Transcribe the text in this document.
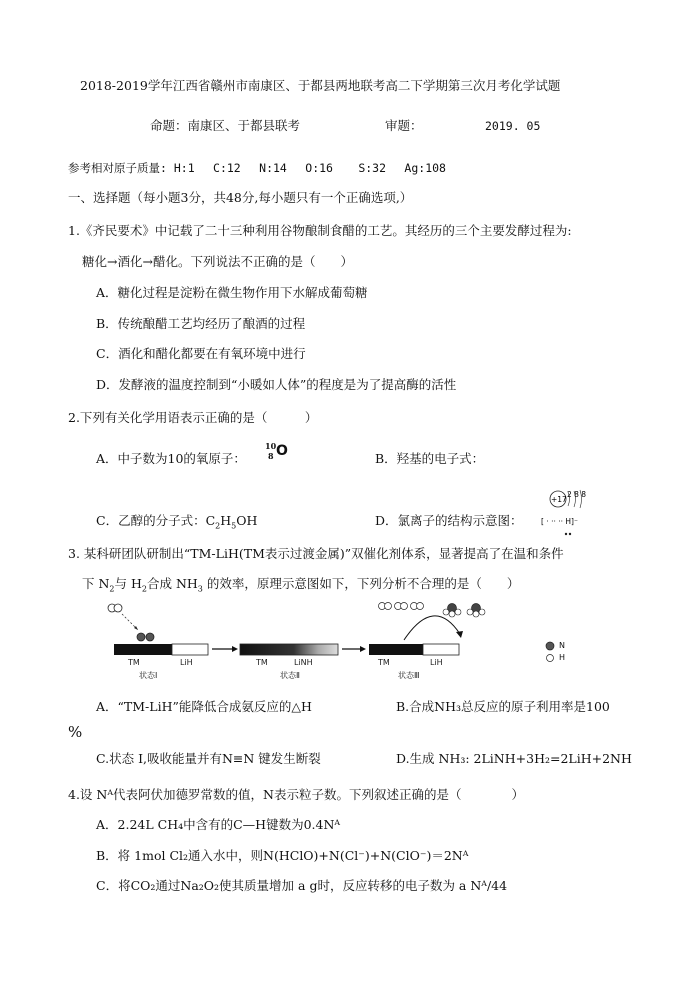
2018-2019学年江西省赣州市南康区、于都县两地联考高二下学期第三次月考化学试题
命题：南康区、于都县联考	审题：	2019. 05
参考相对原子质量: H:1　 C:12　 N:14 　O:16 　 S:32 　Ag:108
一、选择题（每小题3分，共48分,每小题只有一个正确选项,）
1.《齐民要术》中记载了二十三种利用谷物酿制食醋的工艺。其经历的三个主要发酵过程为:
糖化→酒化→醋化。下列说法不正确的是（　　）
A．糖化过程是淀粉在微生物作用下水解成葡萄糖
B．传统酿醋工艺均经历了酿酒的过程
C．酒化和醋化都要在有氧环境中进行
D．发酵液的温度控制到“小暖如人体”的程度是为了提高酶的活性
2.下列有关化学用语表示正确的是（　　　）
A．中子数为10的氧原子：
10
8 O	B．羟基的电子式：
C．乙醇的分子式：$C_2H_5OH$	D．氯离子的结构示意图：
+17
2 8 8
[ · ·· ·· H]⁻
3. 某科研团队研制出“TM-LiH(TM表示过渡金属)”双催化剂体系，显著提高了在温和条件
下 $N_2$与 $H_2$合成 $NH_3$ 的效率，原理示意图如下，下列分析不合理的是（　　）
TM	LiH
状态Ⅰ
TM	LiNH
状态Ⅱ
TM	LiH
状态Ⅲ
N
H
A．“TM-LiH”能降低合成氨反应的△H	B.合成NH₃总反应的原子利用率是100
%
C.状态 I,吸收能量并有N≡N 键发生断裂	D.生成 NH₃: 2LiNH+3H₂=2LiH+2NH
4.设 Nᴬ代表阿伏加德罗常数的值，N表示粒子数。下列叙述正确的是（　　　　）
A．2.24L CH₄中含有的C—H键数为0.4Nᴬ
B．将 1mol Cl₂通入水中，则N(HClO)+N(Cl⁻)+N(ClO⁻)＝2Nᴬ
C．将CO₂通过Na₂O₂使其质量增加 a g时，反应转移的电子数为 a Nᴬ/44
